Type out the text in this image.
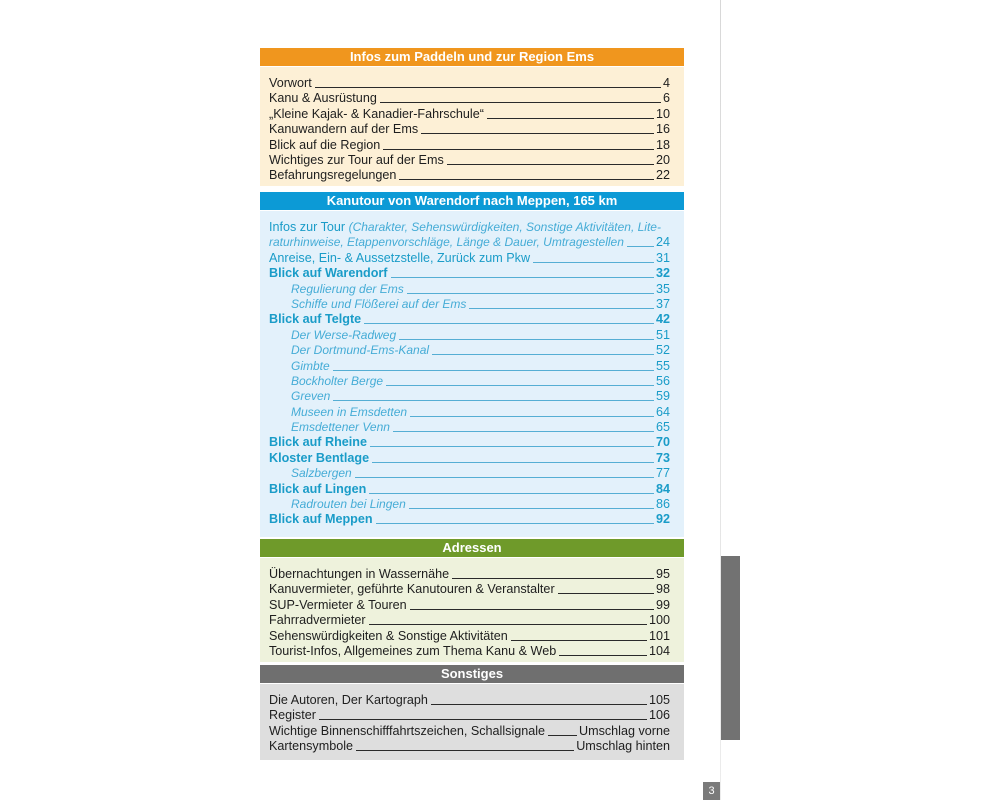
3
Infos zum Paddeln und zur Region Ems
Vorwort	4
Kanu & Ausrüstung	6
„Kleine Kajak- & Kanadier-Fahrschule“	10
Kanuwandern auf der Ems	16
Blick auf die Region	18
Wichtiges zur Tour auf der Ems	20
Befahrungsregelungen	22
Kanutour von Warendorf nach Meppen, 165 km
Infos zur Tour (Charakter, Sehenswürdigkeiten, Sonstige Aktivitäten, Lite-
raturhinweise, Etappenvorschläge, Länge & Dauer, Umtragestellen	24
Anreise, Ein- & Aussetzstelle, Zurück zum Pkw	31
Blick auf Warendorf	32
Regulierung der Ems	35
Schiffe und Flößerei auf der Ems	37
Blick auf Telgte	42
Der Werse-Radweg	51
Der Dortmund-Ems-Kanal	52
Gimbte	55
Bockholter Berge	56
Greven	59
Museen in Emsdetten	64
Emsdettener Venn	65
Blick auf Rheine	70
Kloster Bentlage	73
Salzbergen	77
Blick auf Lingen	84
Radrouten bei Lingen	86
Blick auf Meppen	92
Adressen
Übernachtungen in Wassernähe	95
Kanuvermieter, geführte Kanutouren & Veranstalter	98
SUP-Vermieter & Touren	99
Fahrradvermieter	100
Sehenswürdigkeiten & Sonstige Aktivitäten	101
Tourist-Infos, Allgemeines zum Thema Kanu & Web	104
Sonstiges
Die Autoren, Der Kartograph	105
Register	106
Wichtige Binnenschifffahrtszeichen, Schallsignale	Umschlag vorne
Kartensymbole	Umschlag hinten
